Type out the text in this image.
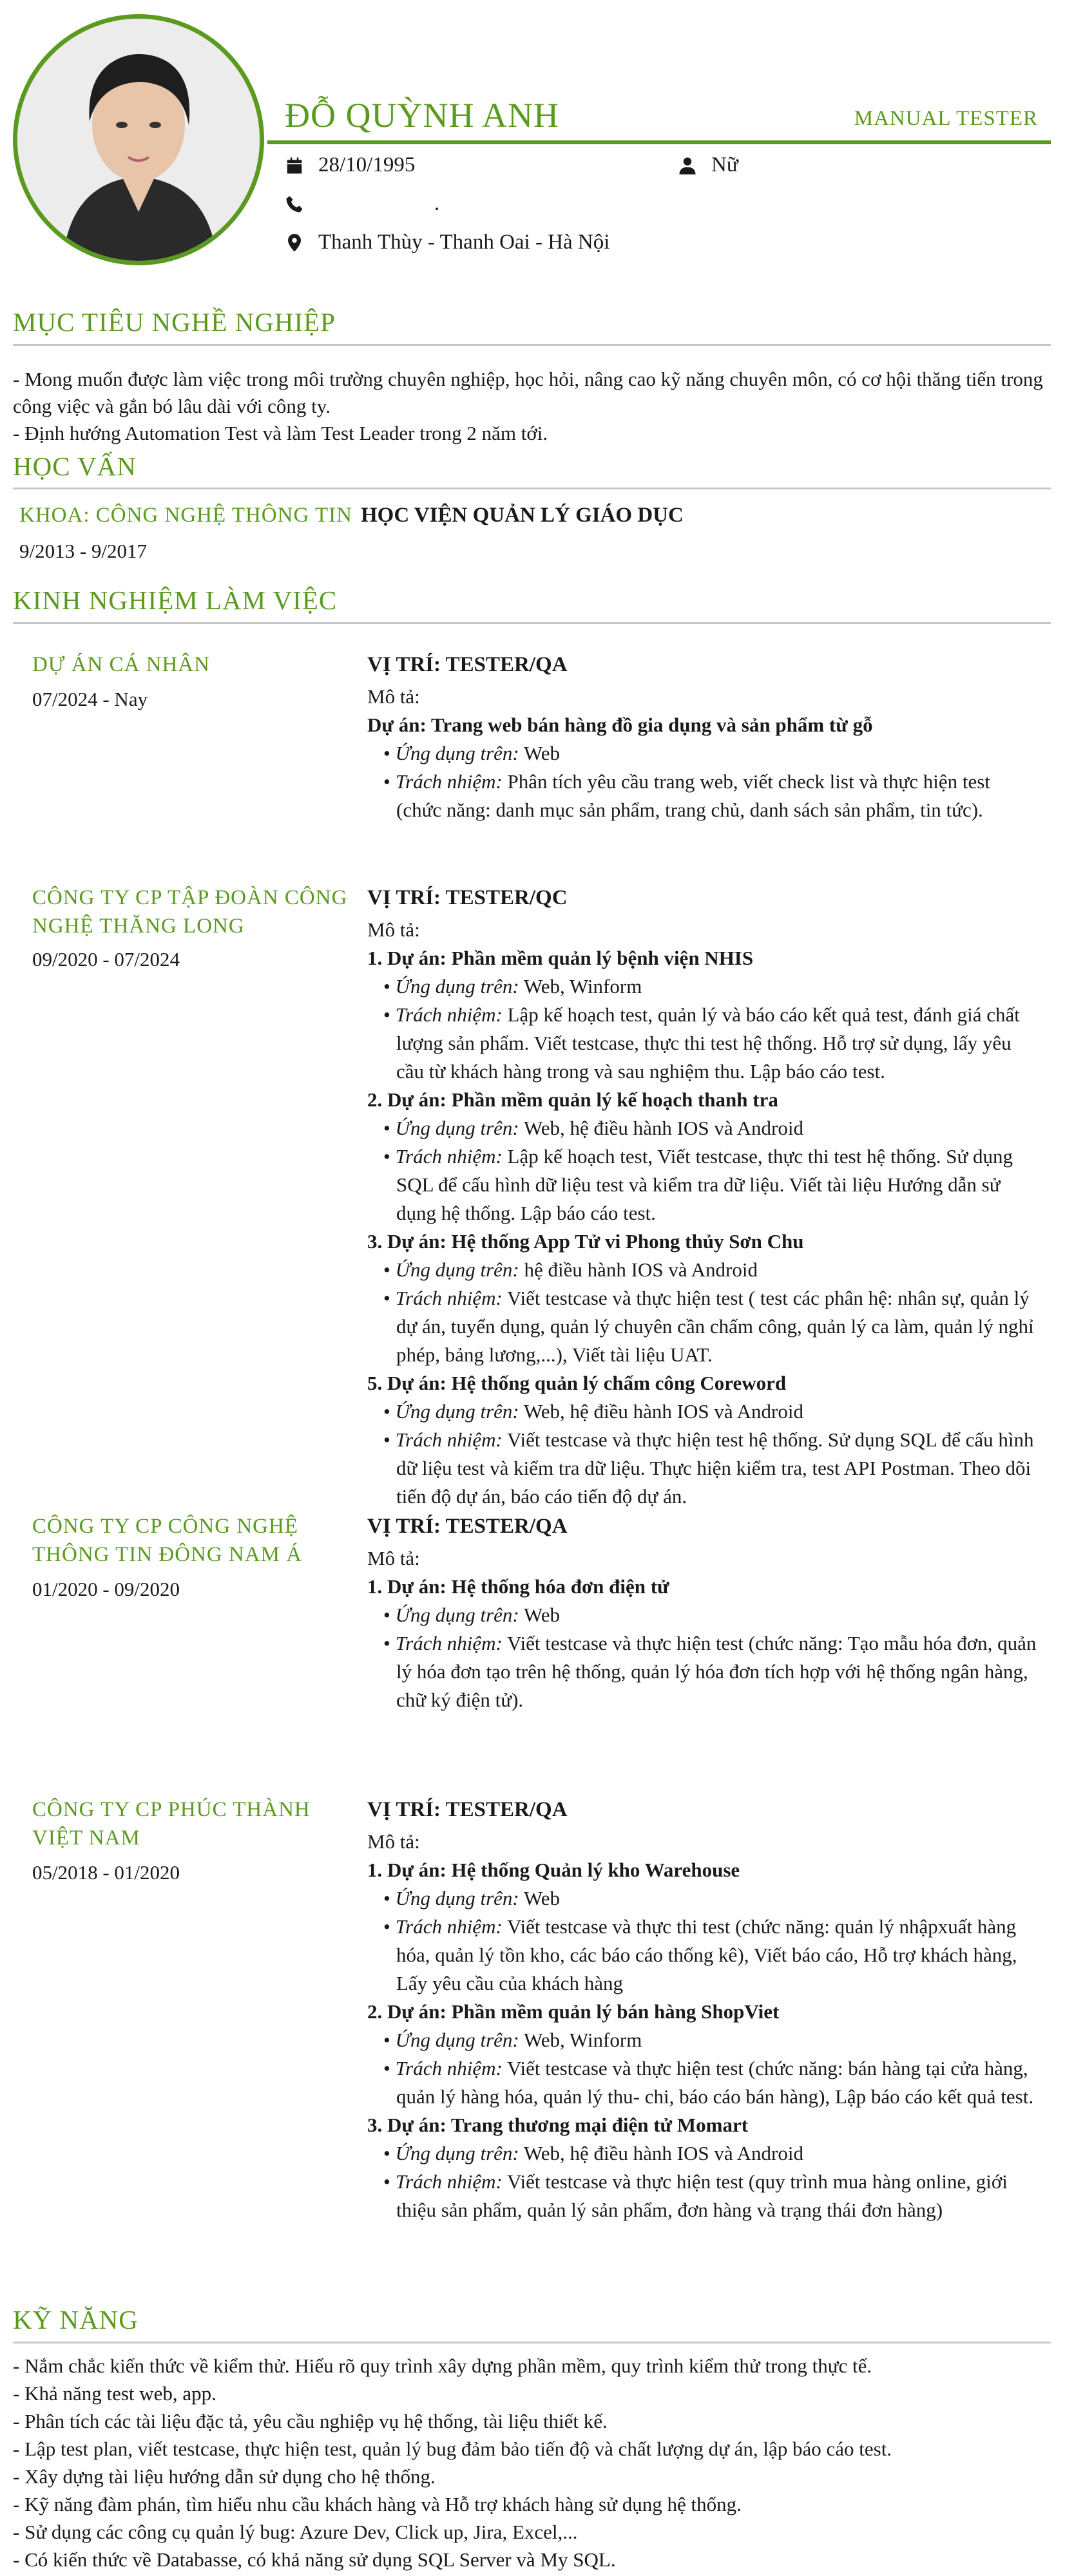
ĐỖ QUỲNH ANH	MANUAL TESTER
28/10/1995	Nữ
.
Thanh Thùy - Thanh Oai - Hà Nội
MỤC TIÊU NGHỀ NGHIỆP
- Mong muốn được làm việc trong môi trường chuyên nghiệp, học hỏi, nâng cao kỹ năng chuyên môn, có cơ hội thăng tiến trong công việc và gắn bó lâu dài với công ty.
- Định hướng Automation Test và làm Test Leader trong 2 năm tới.
HỌC VẤN
KHOA: CÔNG NGHỆ THÔNG TIN HỌC VIỆN QUẢN LÝ GIÁO DỤC
9/2013 - 9/2017
KINH NGHIỆM LÀM VIỆC
DỰ ÁN CÁ NHÂN
07/2024 - Nay
VỊ TRÍ: TESTER/QA
Mô tả:
Dự án: Trang web bán hàng đồ gia dụng và sản phẩm từ gỗ
• Ứng dụng trên: Web
• Trách nhiệm: Phân tích yêu cầu trang web, viết check list và thực hiện test (chức năng: danh mục sản phẩm, trang chủ, danh sách sản phẩm, tin tức).
CÔNG TY CP TẬP ĐOÀN CÔNG NGHỆ THĂNG LONG
09/2020 - 07/2024
VỊ TRÍ: TESTER/QC
Mô tả:
1. Dự án: Phần mềm quản lý bệnh viện NHIS
• Ứng dụng trên: Web, Winform
• Trách nhiệm: Lập kế hoạch test, quản lý và báo cáo kết quả test, đánh giá chất lượng sản phẩm. Viết testcase, thực thi test hệ thống. Hỗ trợ sử dụng, lấy yêu cầu từ khách hàng trong và sau nghiệm thu. Lập báo cáo test.
2. Dự án: Phần mềm quản lý kế hoạch thanh tra
• Ứng dụng trên: Web, hệ điều hành IOS và Android
• Trách nhiệm: Lập kế hoạch test, Viết testcase, thực thi test hệ thống. Sử dụng SQL để cấu hình dữ liệu test và kiểm tra dữ liệu. Viết tài liệu Hướng dẫn sử dụng hệ thống. Lập báo cáo test.
3. Dự án: Hệ thống App Tử vi Phong thủy Sơn Chu
• Ứng dụng trên: hệ điều hành IOS và Android
• Trách nhiệm: Viết testcase và thực hiện test ( test các phân hệ: nhân sự, quản lý dự án, tuyển dụng, quản lý chuyên cần chấm công, quản lý ca làm, quản lý nghỉ phép, bảng lương,...), Viết tài liệu UAT.
5. Dự án: Hệ thống quản lý chấm công Coreword
• Ứng dụng trên: Web, hệ điều hành IOS và Android
• Trách nhiệm: Viết testcase và thực hiện test hệ thống. Sử dụng SQL để cấu hình dữ liệu test và kiểm tra dữ liệu. Thực hiện kiểm tra, test API Postman. Theo dõi tiến độ dự án, báo cáo tiến độ dự án.
CÔNG TY CP CÔNG NGHỆ THÔNG TIN ĐÔNG NAM Á
01/2020 - 09/2020
VỊ TRÍ: TESTER/QA
Mô tả:
1. Dự án: Hệ thống hóa đơn điện tử
• Ứng dụng trên: Web
• Trách nhiệm: Viết testcase và thực hiện test (chức năng: Tạo mẫu hóa đơn, quản lý hóa đơn tạo trên hệ thống, quản lý hóa đơn tích hợp với hệ thống ngân hàng, chữ ký điện tử).
CÔNG TY CP PHÚC THÀNH VIỆT NAM
05/2018 - 01/2020
VỊ TRÍ: TESTER/QA
Mô tả:
1. Dự án: Hệ thống Quản lý kho Warehouse
• Ứng dụng trên: Web
• Trách nhiệm: Viết testcase và thực thi test (chức năng: quản lý nhậpxuất hàng hóa, quản lý tồn kho, các báo cáo thống kê), Viết báo cáo, Hỗ trợ khách hàng, Lấy yêu cầu của khách hàng
2. Dự án: Phần mềm quản lý bán hàng ShopViet
• Ứng dụng trên: Web, Winform
• Trách nhiệm: Viết testcase và thực hiện test (chức năng: bán hàng tại cửa hàng, quản lý hàng hóa, quản lý thu- chi, báo cáo bán hàng), Lập báo cáo kết quả test.
3. Dự án: Trang thương mại điện tử Momart
• Ứng dụng trên: Web, hệ điều hành IOS và Android
• Trách nhiệm: Viết testcase và thực hiện test (quy trình mua hàng online, giới thiệu sản phẩm, quản lý sản phẩm, đơn hàng và trạng thái đơn hàng)
KỸ NĂNG
- Nắm chắc kiến thức về kiểm thử. Hiểu rõ quy trình xây dựng phần mềm, quy trình kiểm thử trong thực tế.
- Khả năng test web, app.
- Phân tích các tài liệu đặc tả, yêu cầu nghiệp vụ hệ thống, tài liệu thiết kế.
- Lập test plan, viết testcase, thực hiện test, quản lý bug đảm bảo tiến độ và chất lượng dự án, lập báo cáo test.
- Xây dựng tài liệu hướng dẫn sử dụng cho hệ thống.
- Kỹ năng đàm phán, tìm hiểu nhu cầu khách hàng và Hỗ trợ khách hàng sử dụng hệ thống.
- Sử dụng các công cụ quản lý bug: Azure Dev, Click up, Jira, Excel,...
- Có kiến thức về Databasse, có khả năng sử dụng SQL Server và My SQL.
